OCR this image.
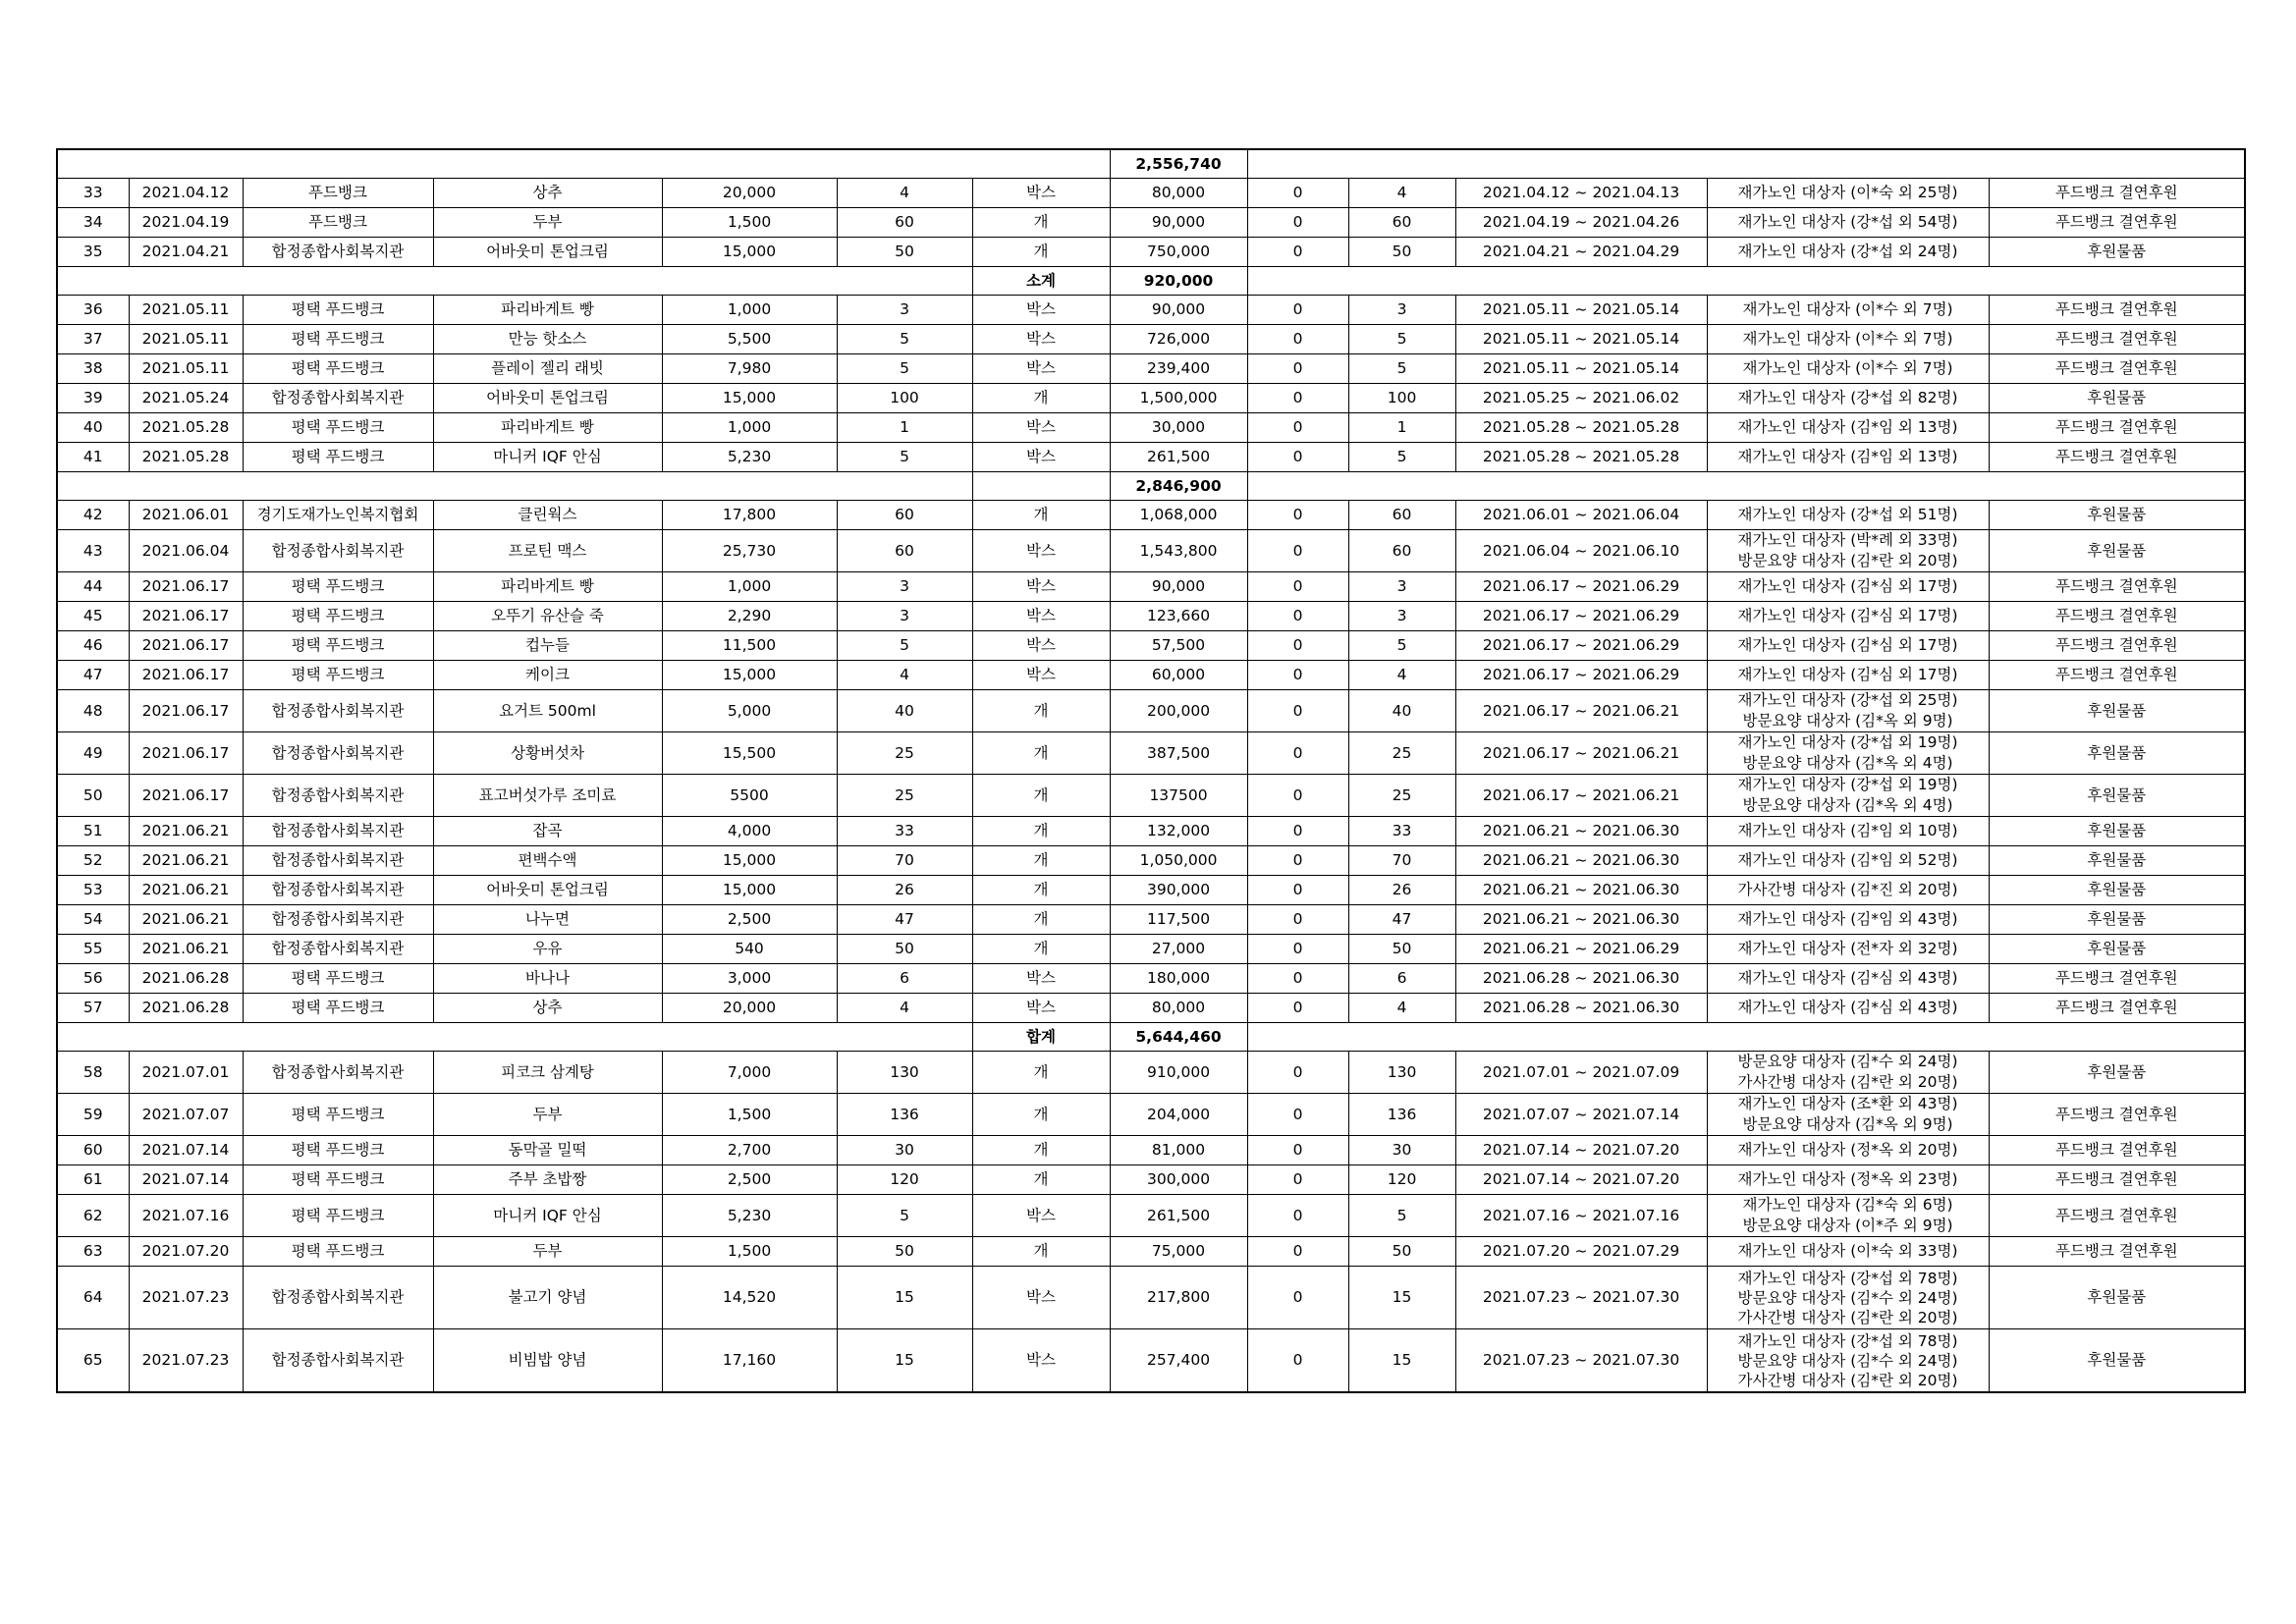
							2,556,740					
33	2021.04.12	푸드뱅크	상추	20,000	4	박스	80,000	0	4	2021.04.12 ~ 2021.04.13	재가노인 대상자 (이*숙 외 25명)	푸드뱅크 결연후원
34	2021.04.19	푸드뱅크	두부	1,500	60	개	90,000	0	60	2021.04.19 ~ 2021.04.26	재가노인 대상자 (강*섭 외 54명)	푸드뱅크 결연후원
35	2021.04.21	합정종합사회복지관	어바웃미 톤업크림	15,000	50	개	750,000	0	50	2021.04.21 ~ 2021.04.29	재가노인 대상자 (강*섭 외 24명)	후원물품
						소계	920,000					
36	2021.05.11	평택 푸드뱅크	파리바게트 빵	1,000	3	박스	90,000	0	3	2021.05.11 ~ 2021.05.14	재가노인 대상자 (이*수 외 7명)	푸드뱅크 결연후원
37	2021.05.11	평택 푸드뱅크	만능 핫소스	5,500	5	박스	726,000	0	5	2021.05.11 ~ 2021.05.14	재가노인 대상자 (이*수 외 7명)	푸드뱅크 결연후원
38	2021.05.11	평택 푸드뱅크	플레이 젤리 래빗	7,980	5	박스	239,400	0	5	2021.05.11 ~ 2021.05.14	재가노인 대상자 (이*수 외 7명)	푸드뱅크 결연후원
39	2021.05.24	합정종합사회복지관	어바웃미 톤업크림	15,000	100	개	1,500,000	0	100	2021.05.25 ~ 2021.06.02	재가노인 대상자 (강*섭 외 82명)	후원물품
40	2021.05.28	평택 푸드뱅크	파리바게트 빵	1,000	1	박스	30,000	0	1	2021.05.28 ~ 2021.05.28	재가노인 대상자 (김*임 외 13명)	푸드뱅크 결연후원
41	2021.05.28	평택 푸드뱅크	마니커 IQF 안심	5,230	5	박스	261,500	0	5	2021.05.28 ~ 2021.05.28	재가노인 대상자 (김*임 외 13명)	푸드뱅크 결연후원
							2,846,900					
42	2021.06.01	경기도재가노인복지협회	클린웍스	17,800	60	개	1,068,000	0	60	2021.06.01 ~ 2021.06.04	재가노인 대상자 (강*섭 외 51명)	후원물품
43	2021.06.04	합정종합사회복지관	프로틴 맥스	25,730	60	박스	1,543,800	0	60	2021.06.04 ~ 2021.06.10	재가노인 대상자 (박*례 외 33명)
방문요양 대상자 (김*란 외 20명)	후원물품
44	2021.06.17	평택 푸드뱅크	파리바게트 빵	1,000	3	박스	90,000	0	3	2021.06.17 ~ 2021.06.29	재가노인 대상자 (김*심 외 17명)	푸드뱅크 결연후원
45	2021.06.17	평택 푸드뱅크	오뚜기 유산슬 죽	2,290	3	박스	123,660	0	3	2021.06.17 ~ 2021.06.29	재가노인 대상자 (김*심 외 17명)	푸드뱅크 결연후원
46	2021.06.17	평택 푸드뱅크	컵누들	11,500	5	박스	57,500	0	5	2021.06.17 ~ 2021.06.29	재가노인 대상자 (김*심 외 17명)	푸드뱅크 결연후원
47	2021.06.17	평택 푸드뱅크	케이크	15,000	4	박스	60,000	0	4	2021.06.17 ~ 2021.06.29	재가노인 대상자 (김*심 외 17명)	푸드뱅크 결연후원
48	2021.06.17	합정종합사회복지관	요거트 500ml	5,000	40	개	200,000	0	40	2021.06.17 ~ 2021.06.21	재가노인 대상자 (강*섭 외 25명)
방문요양 대상자 (김*옥 외 9명)	후원물품
49	2021.06.17	합정종합사회복지관	상황버섯차	15,500	25	개	387,500	0	25	2021.06.17 ~ 2021.06.21	재가노인 대상자 (강*섭 외 19명)
방문요양 대상자 (김*옥 외 4명)	후원물품
50	2021.06.17	합정종합사회복지관	표고버섯가루 조미료	5500	25	개	137500	0	25	2021.06.17 ~ 2021.06.21	재가노인 대상자 (강*섭 외 19명)
방문요양 대상자 (김*옥 외 4명)	후원물품
51	2021.06.21	합정종합사회복지관	잡곡	4,000	33	개	132,000	0	33	2021.06.21 ~ 2021.06.30	재가노인 대상자 (김*임 외 10명)	후원물품
52	2021.06.21	합정종합사회복지관	편백수액	15,000	70	개	1,050,000	0	70	2021.06.21 ~ 2021.06.30	재가노인 대상자 (김*임 외 52명)	후원물품
53	2021.06.21	합정종합사회복지관	어바웃미 톤업크림	15,000	26	개	390,000	0	26	2021.06.21 ~ 2021.06.30	가사간병 대상자 (김*진 외 20명)	후원물품
54	2021.06.21	합정종합사회복지관	나누면	2,500	47	개	117,500	0	47	2021.06.21 ~ 2021.06.30	재가노인 대상자 (김*임 외 43명)	후원물품
55	2021.06.21	합정종합사회복지관	우유	540	50	개	27,000	0	50	2021.06.21 ~ 2021.06.29	재가노인 대상자 (전*자 외 32명)	후원물품
56	2021.06.28	평택 푸드뱅크	바나나	3,000	6	박스	180,000	0	6	2021.06.28 ~ 2021.06.30	재가노인 대상자 (김*심 외 43명)	푸드뱅크 결연후원
57	2021.06.28	평택 푸드뱅크	상추	20,000	4	박스	80,000	0	4	2021.06.28 ~ 2021.06.30	재가노인 대상자 (김*심 외 43명)	푸드뱅크 결연후원
						합계	5,644,460					
58	2021.07.01	합정종합사회복지관	피코크 삼계탕	7,000	130	개	910,000	0	130	2021.07.01 ~ 2021.07.09	방문요양 대상자 (김*수 외 24명)
가사간병 대상자 (김*란 외 20명)	후원물품
59	2021.07.07	평택 푸드뱅크	두부	1,500	136	개	204,000	0	136	2021.07.07 ~ 2021.07.14	재가노인 대상자 (조*환 외 43명)
방문요양 대상자 (김*옥 외 9명)	푸드뱅크 결연후원
60	2021.07.14	평택 푸드뱅크	동막골 밀떡	2,700	30	개	81,000	0	30	2021.07.14 ~ 2021.07.20	재가노인 대상자 (정*옥 외 20명)	푸드뱅크 결연후원
61	2021.07.14	평택 푸드뱅크	주부 초밥짱	2,500	120	개	300,000	0	120	2021.07.14 ~ 2021.07.20	재가노인 대상자 (정*옥 외 23명)	푸드뱅크 결연후원
62	2021.07.16	평택 푸드뱅크	마니커 IQF 안심	5,230	5	박스	261,500	0	5	2021.07.16 ~ 2021.07.16	재가노인 대상자 (김*숙 외 6명)
방문요양 대상자 (이*주 외 9명)	푸드뱅크 결연후원
63	2021.07.20	평택 푸드뱅크	두부	1,500	50	개	75,000	0	50	2021.07.20 ~ 2021.07.29	재가노인 대상자 (이*숙 외 33명)	푸드뱅크 결연후원
64	2021.07.23	합정종합사회복지관	불고기 양념	14,520	15	박스	217,800	0	15	2021.07.23 ~ 2021.07.30	재가노인 대상자 (강*섭 외 78명)
방문요양 대상자 (김*수 외 24명)
가사간병 대상자 (김*란 외 20명)	후원물품
65	2021.07.23	합정종합사회복지관	비빔밥 양념	17,160	15	박스	257,400	0	15	2021.07.23 ~ 2021.07.30	재가노인 대상자 (강*섭 외 78명)
방문요양 대상자 (김*수 외 24명)
가사간병 대상자 (김*란 외 20명)	후원물품
